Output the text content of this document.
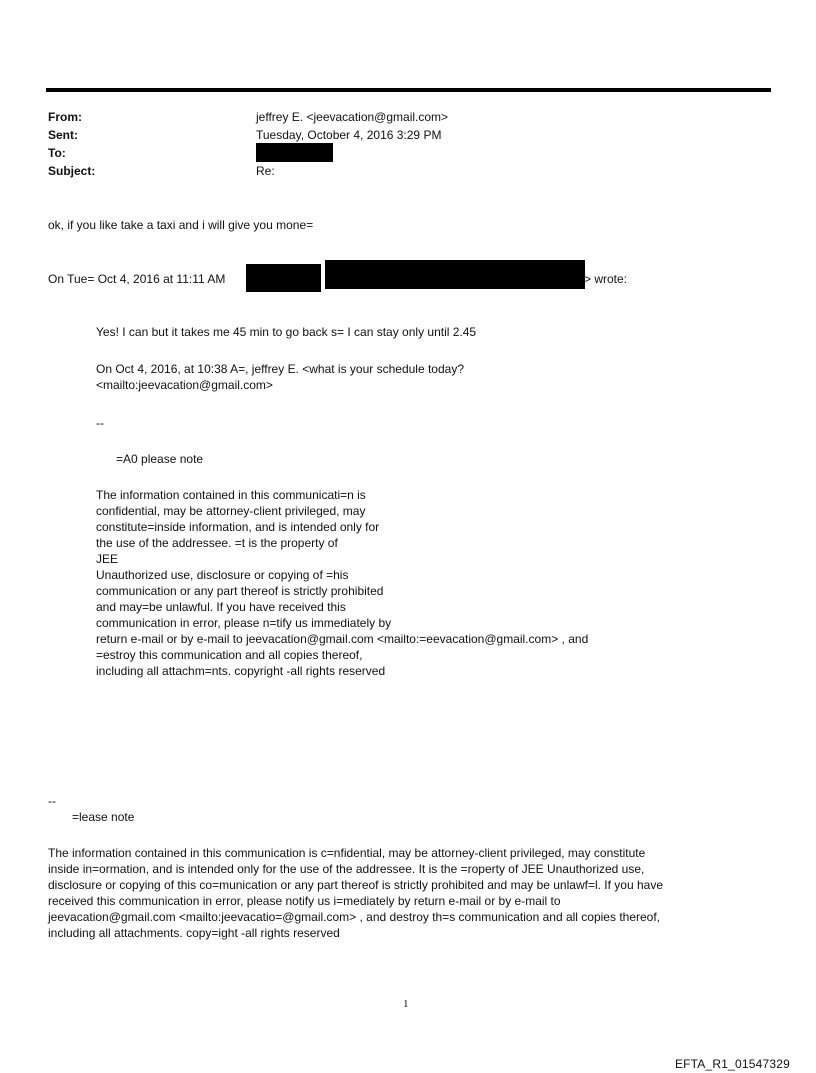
From:	jeffrey E. <jeevacation@gmail.com>
Sent:	Tuesday, October 4, 2016 3:29 PM
To:
Subject:	Re:
ok, if you like take a taxi and i will give you mone=
On Tue= Oct 4, 2016 at 11:11 AM	> wrote:
Yes! I can but it takes me 45 min to go back s= I can stay only until 2.45
On Oct 4, 2016, at 10:38 A=, jeffrey E. <what is your schedule today?
<mailto:jeevacation@gmail.com>
--
=A0 please note
The information contained in this communicati=n is
confidential, may be attorney-client privileged, may
constitute=inside information, and is intended only for
the use of the addressee. =t is the property of
JEE
Unauthorized use, disclosure or copying of =his
communication or any part thereof is strictly prohibited
and may=be unlawful. If you have received this
communication in error, please n=tify us immediately by
return e-mail or by e-mail to jeevacation@gmail.com <mailto:=eevacation@gmail.com> , and
=estroy this communication and all copies thereof,
including all attachm=nts. copyright -all rights reserved
--
=lease note
The information contained in this communication is c=nfidential, may be attorney-client privileged, may constitute
inside in=ormation, and is intended only for the use of the addressee. It is the =roperty of JEE Unauthorized use,
disclosure or copying of this co=munication or any part thereof is strictly prohibited and may be unlawf=l. If you have
received this communication in error, please notify us i=mediately by return e-mail or by e-mail to
jeevacation@gmail.com <mailto:jeevacatio=@gmail.com> , and destroy th=s communication and all copies thereof,
including all attachments. copy=ight -all rights reserved
1
EFTA_R1_01547329
